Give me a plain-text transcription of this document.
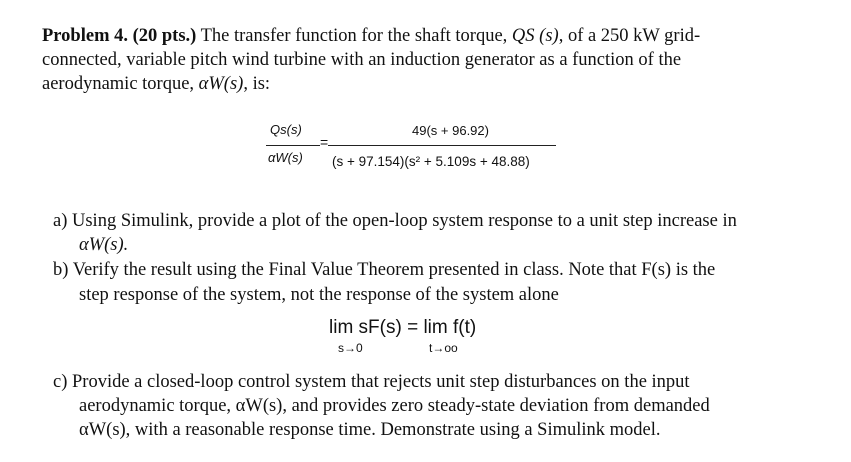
Problem 4. (20 pts.) The transfer function for the shaft torque, QS (s), of a 250 kW grid-
connected, variable pitch wind turbine with an induction generator as a function of the
aerodynamic torque, αW(s), is:
Qs(s)
αW(s)
=
49(s + 96.92)
(s + 97.154)(s² + 5.109s + 48.88)
a) Using Simulink, provide a plot of the open-loop system response to a unit step increase in
αW(s).
b) Verify the result using the Final Value Theorem presented in class. Note that F(s) is the
step response of the system, not the response of the system alone
lim sF(s) = lim f(t)
s→0	t→oo
c) Provide a closed-loop control system that rejects unit step disturbances on the input
aerodynamic torque, αW(s), and provides zero steady-state deviation from demanded
αW(s), with a reasonable response time. Demonstrate using a Simulink model.
